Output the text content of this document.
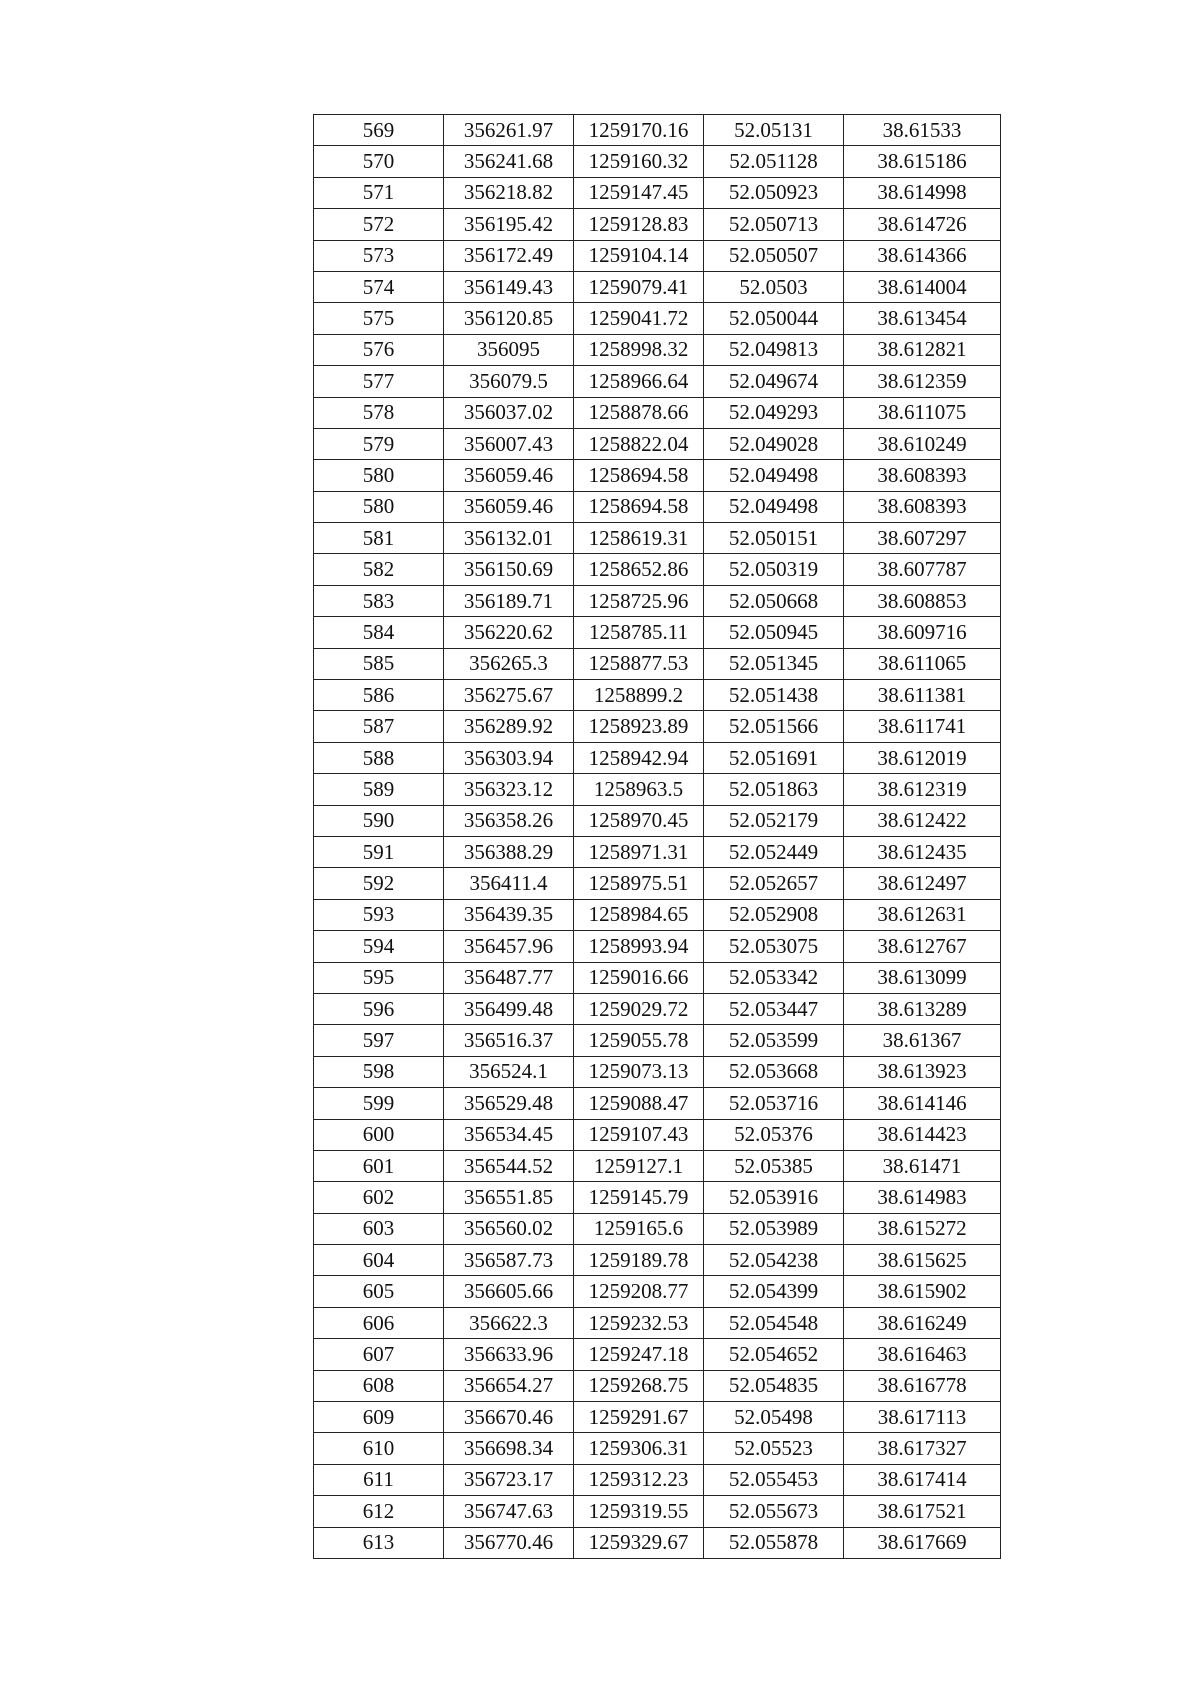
569	356261.97	1259170.16	52.05131	38.61533
570	356241.68	1259160.32	52.051128	38.615186
571	356218.82	1259147.45	52.050923	38.614998
572	356195.42	1259128.83	52.050713	38.614726
573	356172.49	1259104.14	52.050507	38.614366
574	356149.43	1259079.41	52.0503	38.614004
575	356120.85	1259041.72	52.050044	38.613454
576	356095	1258998.32	52.049813	38.612821
577	356079.5	1258966.64	52.049674	38.612359
578	356037.02	1258878.66	52.049293	38.611075
579	356007.43	1258822.04	52.049028	38.610249
580	356059.46	1258694.58	52.049498	38.608393
580	356059.46	1258694.58	52.049498	38.608393
581	356132.01	1258619.31	52.050151	38.607297
582	356150.69	1258652.86	52.050319	38.607787
583	356189.71	1258725.96	52.050668	38.608853
584	356220.62	1258785.11	52.050945	38.609716
585	356265.3	1258877.53	52.051345	38.611065
586	356275.67	1258899.2	52.051438	38.611381
587	356289.92	1258923.89	52.051566	38.611741
588	356303.94	1258942.94	52.051691	38.612019
589	356323.12	1258963.5	52.051863	38.612319
590	356358.26	1258970.45	52.052179	38.612422
591	356388.29	1258971.31	52.052449	38.612435
592	356411.4	1258975.51	52.052657	38.612497
593	356439.35	1258984.65	52.052908	38.612631
594	356457.96	1258993.94	52.053075	38.612767
595	356487.77	1259016.66	52.053342	38.613099
596	356499.48	1259029.72	52.053447	38.613289
597	356516.37	1259055.78	52.053599	38.61367
598	356524.1	1259073.13	52.053668	38.613923
599	356529.48	1259088.47	52.053716	38.614146
600	356534.45	1259107.43	52.05376	38.614423
601	356544.52	1259127.1	52.05385	38.61471
602	356551.85	1259145.79	52.053916	38.614983
603	356560.02	1259165.6	52.053989	38.615272
604	356587.73	1259189.78	52.054238	38.615625
605	356605.66	1259208.77	52.054399	38.615902
606	356622.3	1259232.53	52.054548	38.616249
607	356633.96	1259247.18	52.054652	38.616463
608	356654.27	1259268.75	52.054835	38.616778
609	356670.46	1259291.67	52.05498	38.617113
610	356698.34	1259306.31	52.05523	38.617327
611	356723.17	1259312.23	52.055453	38.617414
612	356747.63	1259319.55	52.055673	38.617521
613	356770.46	1259329.67	52.055878	38.617669
